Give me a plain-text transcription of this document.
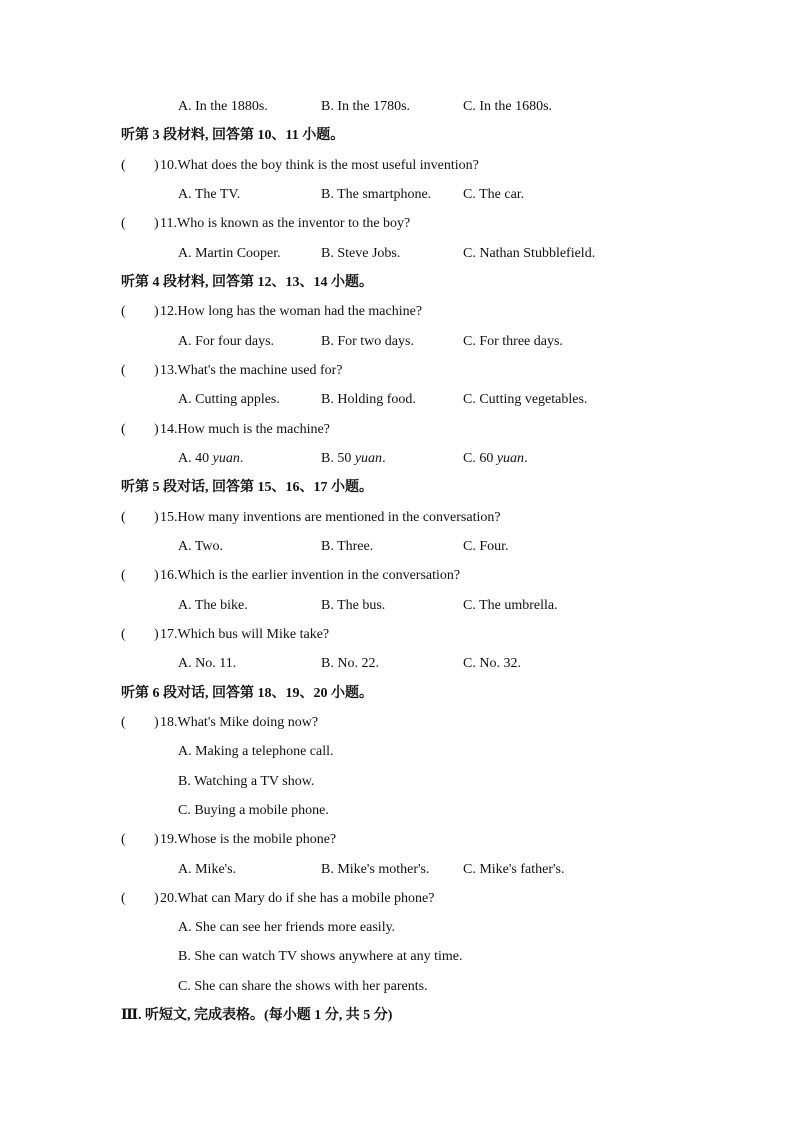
A. In the 1880s.	B. In the 1780s.	C. In the 1680s.
听第 3 段材料, 回答第 10、11 小题。
( ) 10.What does the boy think is the most useful invention?
A. The TV.	B. The smartphone. C. The car.
( ) 11.Who is known as the inventor to the boy?
A. Martin Cooper.	B. Steve Jobs.	C. Nathan Stubblefield.
听第 4 段材料, 回答第 12、13、14 小题。
( ) 12.How long has the woman had the machine?
A. For four days.	B. For two days.	C. For three days.
( ) 13.What's the machine used for?
A. Cutting apples.	B. Holding food.	C. Cutting vegetables.
( ) 14.How much is the machine?
A. 40 yuan.	B. 50 yuan.	C. 60 yuan.
听第 5 段对话, 回答第 15、16、17 小题。
( ) 15.How many inventions are mentioned in the conversation?
A. Two.	B. Three.	C. Four.
( ) 16.Which is the earlier invention in the conversation?
A. The bike.	B. The bus.	C. The umbrella.
( ) 17.Which bus will Mike take?
A. No. 11.	B. No. 22.	C. No. 32.
听第 6 段对话, 回答第 18、19、20 小题。
( ) 18.What's Mike doing now?
A. Making a telephone call.
B. Watching a TV show.
C. Buying a mobile phone.
( ) 19.Whose is the mobile phone?
A. Mike's.	B. Mike's mother's. C. Mike's father's.
( ) 20.What can Mary do if she has a mobile phone?
A. She can see her friends more easily.
B. She can watch TV shows anywhere at any time.
C. She can share the shows with her parents.
Ⅲ. 听短文, 完成表格。(每小题 1 分, 共 5 分)
